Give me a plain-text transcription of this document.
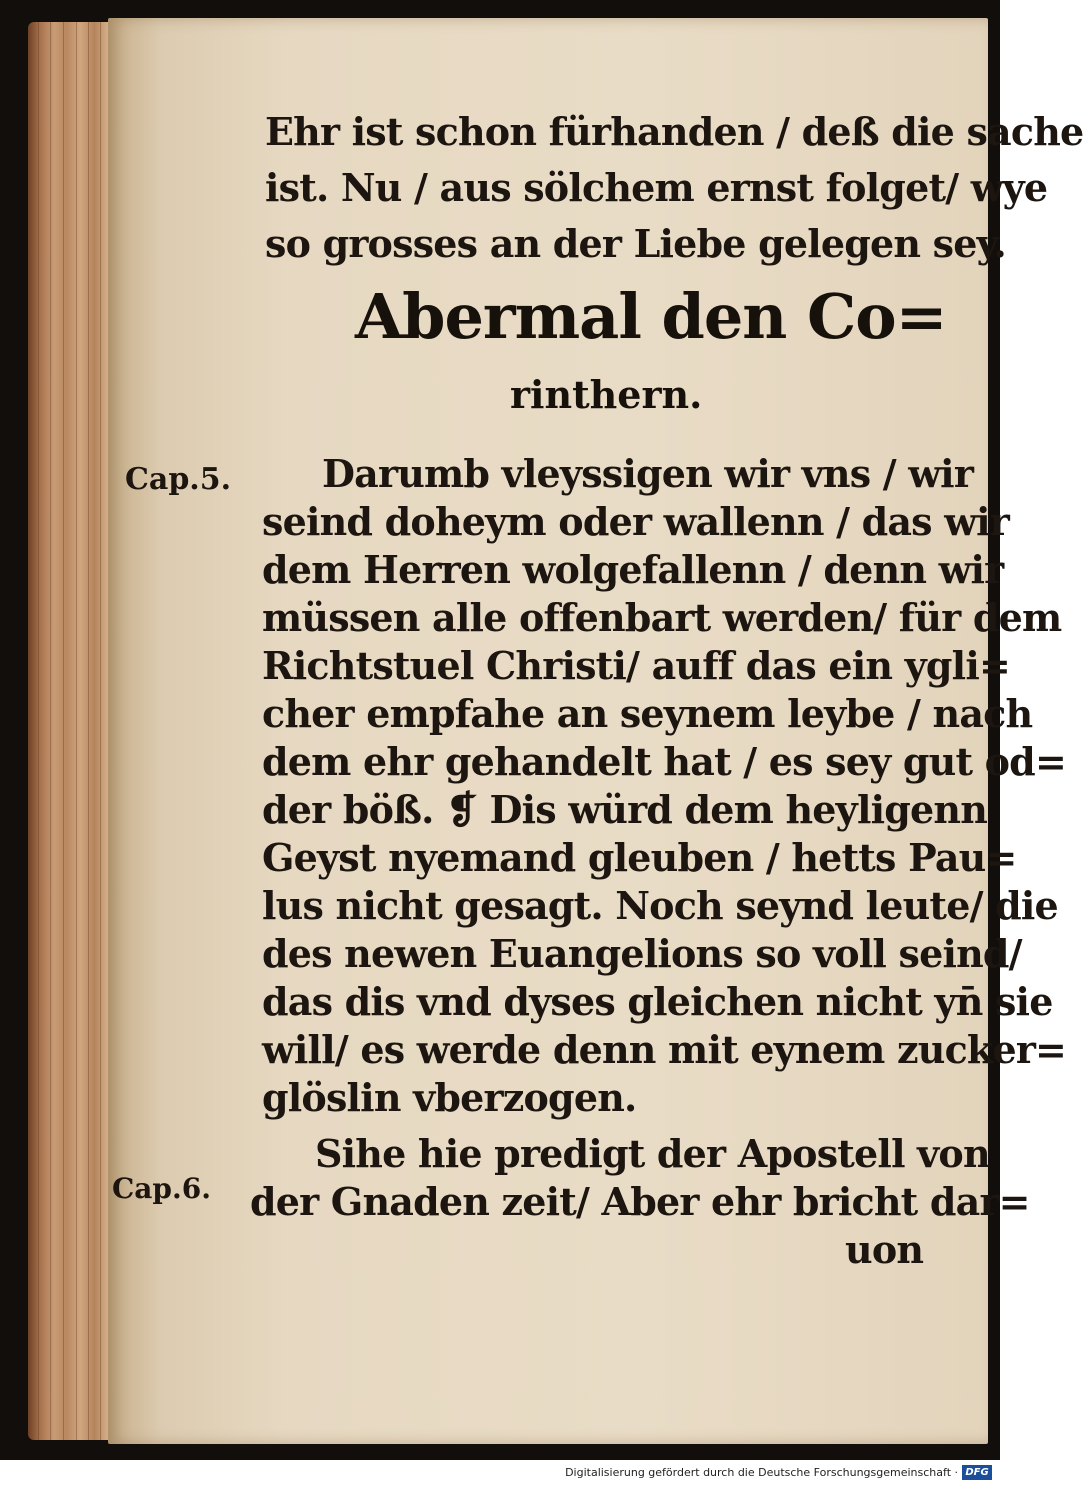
Ehr ist schon fürhanden / deß die sache
ist. Nu / aus sölchem ernst folget/ wye
so grosses an der Liebe gelegen sey.
Abermal den Co=
rinthern.
Cap.5. Darumb vleyssigen wir vns / wir
seind doheym oder wallenn / das wir
dem Herren wolgefallenn / denn wir
müssen alle offenbart werden/ für dem
Richtstuel Christi/ auff das ein ygli=
cher empfahe an seynem leybe / nach
dem ehr gehandelt hat / es sey gut od=
der böß. ❡ Dis würd dem heyligenn
Geyst nyemand gleuben / hetts Pau=
lus nicht gesagt. Noch seynd leute/ die
des newen Euangelions so voll seind/
das dis vnd dyses gleichen nicht yn̄ sie
will/ es werde denn mit eynem zucker=
glöslin vberzogen.
Cap.6.
Sihe hie predigt der Apostell von
der Gnaden zeit/ Aber ehr bricht dar=
uon
Digitalisierung gefördert durch die Deutsche Forschungsgemeinschaft · DFG
